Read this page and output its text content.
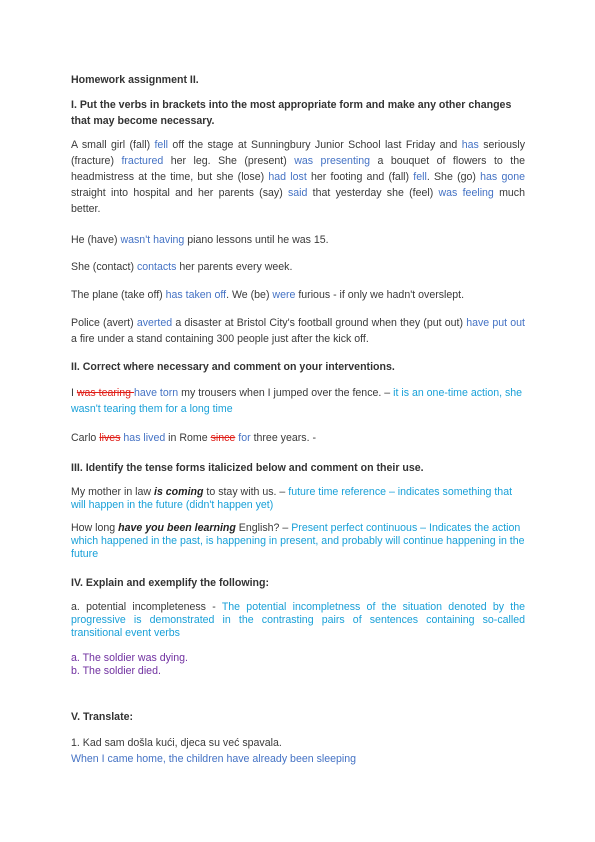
Homework assignment II.
I. Put the verbs in brackets into the most appropriate form and make any other changes that may become necessary.
A small girl (fall) fell off the stage at Sunningbury Junior School last Friday and has seriously (fracture) fractured her leg. She (present) was presenting a bouquet of flowers to the headmistress at the time, but she (lose) had lost her footing and (fall) fell. She (go) has gone straight into hospital and her parents (say) said that yesterday she (feel) was feeling much better.
He (have) wasn't having piano lessons until he was 15.
She (contact) contacts her parents every week.
The plane (take off) has taken off. We (be) were furious - if only we hadn't overslept.
Police (avert) averted a disaster at Bristol City's football ground when they (put out) have put out a fire under a stand containing 300 people just after the kick off.
II. Correct where necessary and comment on your interventions.
I was tearing have torn my trousers when I jumped over the fence. – it is an one-time action, she wasn't tearing them for a long time
Carlo lives has lived in Rome since for three years. -
III. Identify the tense forms italicized below and comment on their use.
My mother in law is coming to stay with us. – future time reference – indicates something that will happen in the future (didn't happen yet)
How long have you been learning English? – Present perfect continuous – Indicates the action which happened in the past, is happening in present, and probably will continue happening in the future
IV. Explain and exemplify the following:
a. potential incompleteness - The potential incompletness of the situation denoted by the progressive is demonstrated in the contrasting pairs of sentences containing so-called transitional event verbs
a. The soldier was dying.
b. The soldier died.
V. Translate:
1. Kad sam došla kući, djeca su već spavala.
When I came home, the children have already been sleeping
